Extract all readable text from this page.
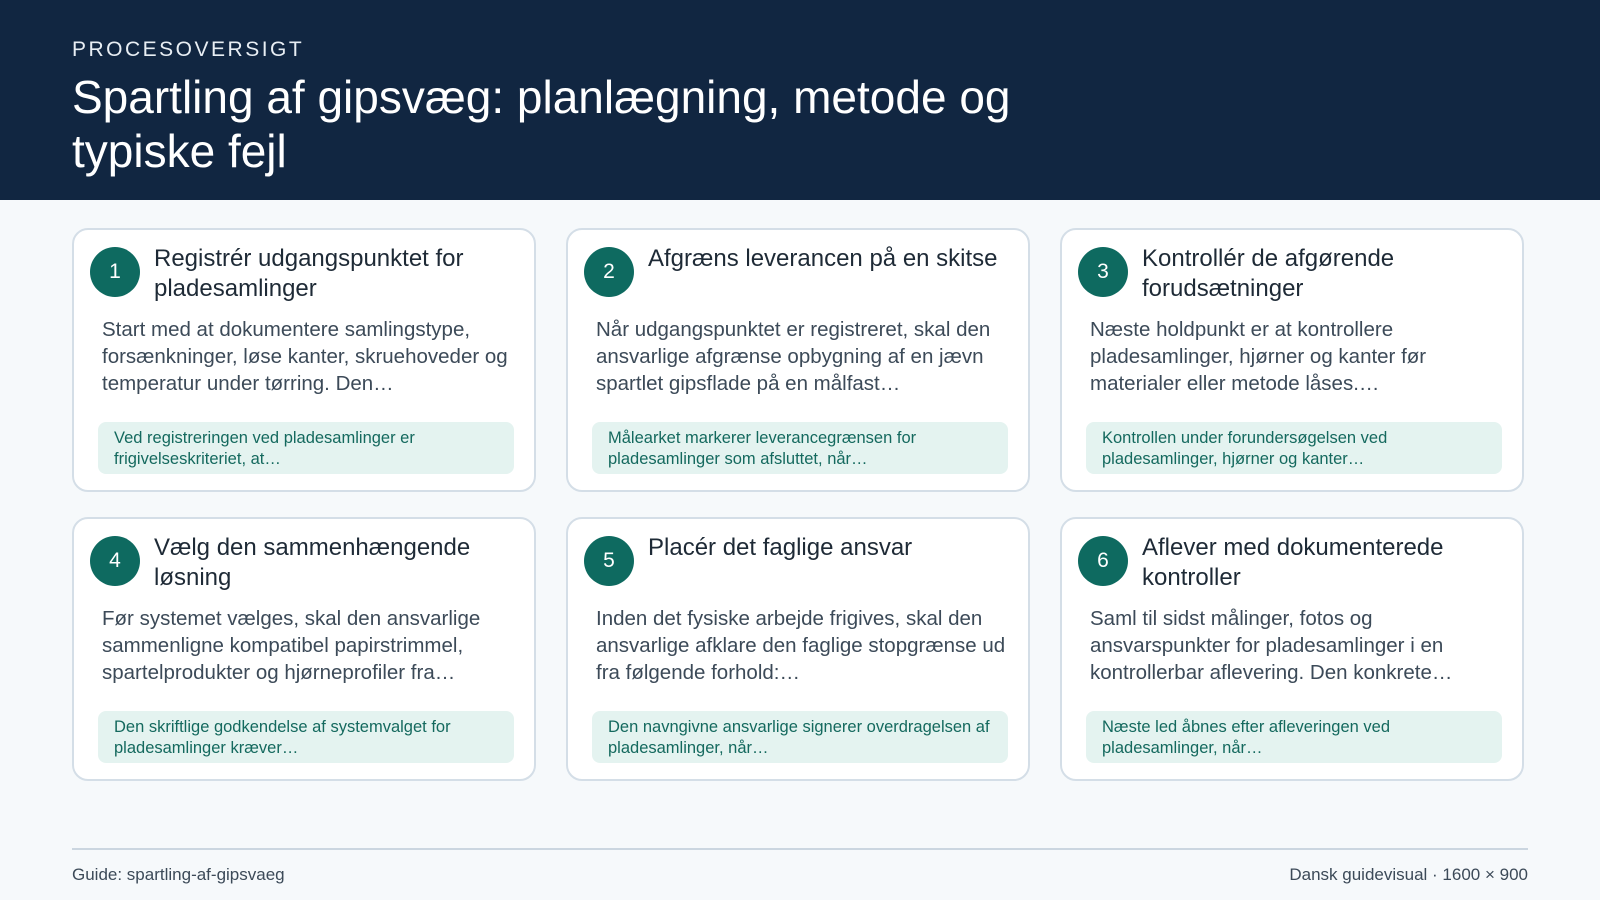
PROCESOVERSIGT
Spartling af gipsvæg: planlægning, metode og typiske fejl
1	Registrér udgangspunktet for pladesamlinger
Start med at dokumentere samlingstype, forsænkninger, løse kanter, skruehoveder og temperatur under tørring. Den…
Ved registreringen ved pladesamlinger er frigivelseskriteriet, at…
2	Afgræns leverancen på en skitse
Når udgangspunktet er registreret, skal den ansvarlige afgrænse opbygning af en jævn spartlet gipsflade på en målfast…
Målearket markerer leverancegrænsen for pladesamlinger som afsluttet, når…
3	Kontrollér de afgørende forudsætninger
Næste holdpunkt er at kontrollere pladesamlinger, hjørner og kanter før materialer eller metode låses.…
Kontrollen under forundersøgelsen ved pladesamlinger, hjørner og kanter…
4	Vælg den sammenhængende løsning
Før systemet vælges, skal den ansvarlige sammenligne kompatibel papirstrimmel, spartelprodukter og hjørneprofiler fra…
Den skriftlige godkendelse af systemvalget for pladesamlinger kræver…
5	Placér det faglige ansvar
Inden det fysiske arbejde frigives, skal den ansvarlige afklare den faglige stopgrænse ud fra følgende forhold:…
Den navngivne ansvarlige signerer overdragelsen af pladesamlinger, når…
6	Aflever med dokumenterede kontroller
Saml til sidst målinger, fotos og ansvarspunkter for pladesamlinger i en kontrollerbar aflevering. Den konkrete…
Næste led åbnes efter afleveringen ved pladesamlinger, når…
Guide: spartling-af-gipsvaeg	Dansk guidevisual · 1600 × 900
